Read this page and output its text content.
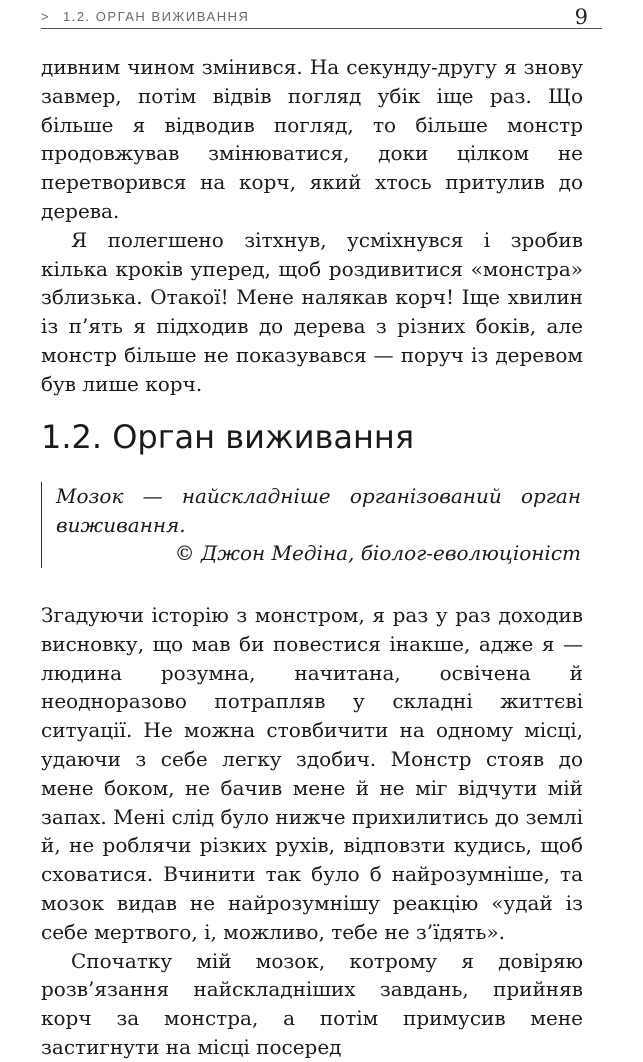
> 1.2. ОРГАН ВИЖИВАННЯ	9

дивним чином змінився. На секунду-другу я знову завмер, потім відвів погляд убік іще раз. Що більше я відводив погляд, то більше монстр продовжував змінюватися, доки цілком не перетворився на корч, який хтось притулив до дерева.

Я полегшено зітхнув, усміхнувся і зробив кілька кроків уперед, щоб роздивитися «монстра» зблизька. Отакої! Мене налякав корч! Іще хвилин із п’ять я підходив до дерева з різних боків, але монстр більше не показувався — поруч із деревом був лише корч.

1.2. Орган виживання

Мозок — найскладніше організований орган виживання.

© Джон Медіна, біолог-еволюціоніст

Згадуючи історію з монстром, я раз у раз доходив висновку, що мав би повестися інакше, адже я — людина розумна, начитана, освічена й неодноразово потрапляв у складні життєві ситуації. Не можна стовбичити на одному місці, удаючи з себе легку здобич. Монстр стояв до мене боком, не бачив мене й не міг відчути мій запах. Мені слід було нижче прихилитись до землі й, не роблячи різких рухів, відповзти кудись, щоб сховатися. Вчинити так було б найрозумніше, та мозок видав не найрозумнішу реакцію «удай із себе мертвого, і, можливо, тебе не з’їдять».

Спочатку мій мозок, котрому я довіряю розв’язання найскладніших завдань, прийняв корч за монстра, а потім примусив мене застигнути на місці посеред
